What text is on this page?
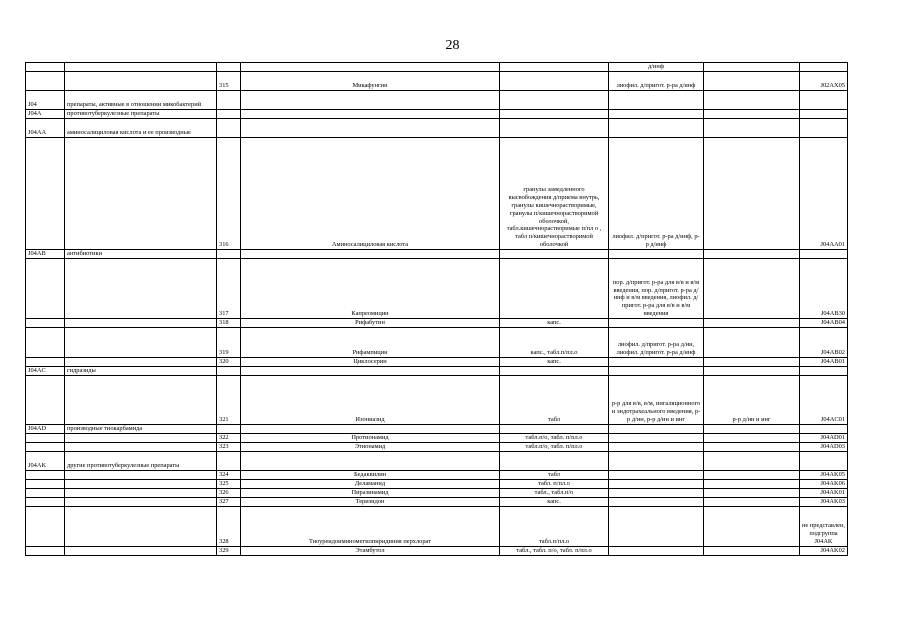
28
					д/инф		
		315	Микафунгин		лиофил. д/пригот. р-ра д/инф		J02AX05
J04	препараты, активные в отношении микобактерий						
J04A	противотуберкулезные препараты						
J04AA	аминосалициловая кислота и ее производные						
		316	Аминосалициловая кислота	гранулы замедленного высвобождения д/приема внутрь, гранулы кишечнорастворимые, гранулы п/кишечнорастворимой оболочкой, табл.кишечнорастворимые п/пл о , табл п/кишечнорастворимой оболочкой	лиофил. д/пригот. р-ра д/инф, р-р д/инф		J04AA01
J04AB	антибиотики						
		317	Капреомицин		пор. д/пригот. р-ра для в/в и в/м введения, пор. д/пригот. р-ра д/инф и в/м введения, лиофил. д/пригот. р-ра для в/в и в/м введения		J04AB30
		318	Рифабутин	капс.			J04AB04
		319	Рифампицин	капс., табл.п/пл.о	лиофил. д/пригот. р-ра д/ин, лиофил. д/пригот. р-ра д/инф		J04AB02
		320	Циклосерин	капс.			J04AB01
J04AC	гидразиды						
		321	Изониазид	табл	р-р для в/в, в/м, ингаляционного и эндотрахеального введения, р-р д/ин, р-р д/ин и инг	р-р д/ин и инг	J04AC01
J04AD	производные тиокарбамида						
		322	Протионамид	табл.п/о, табл. п/пл.о			J04AD01
		323	Этионамид	табл.п/о, табл. п/пл.о			J04AD03
J04AK	другие противотуберкулезные препараты						
		324	Бедаквилин	табл			J04AK05
		325	Деламанид	табл. п/пл.о			J04AK06
		326	Пиразинамид	табл., табл.п/о			J04AK01
		327	Теризидон	капс.			J04AK03
		328	Тиоуреидоиминометилпиридиния перхлорат	табл.п/пл.о			не представлен, подгруппа J04AK
		329	Этамбутол	табл., табл. п/о, табл. п/пл.о			J04AK02
